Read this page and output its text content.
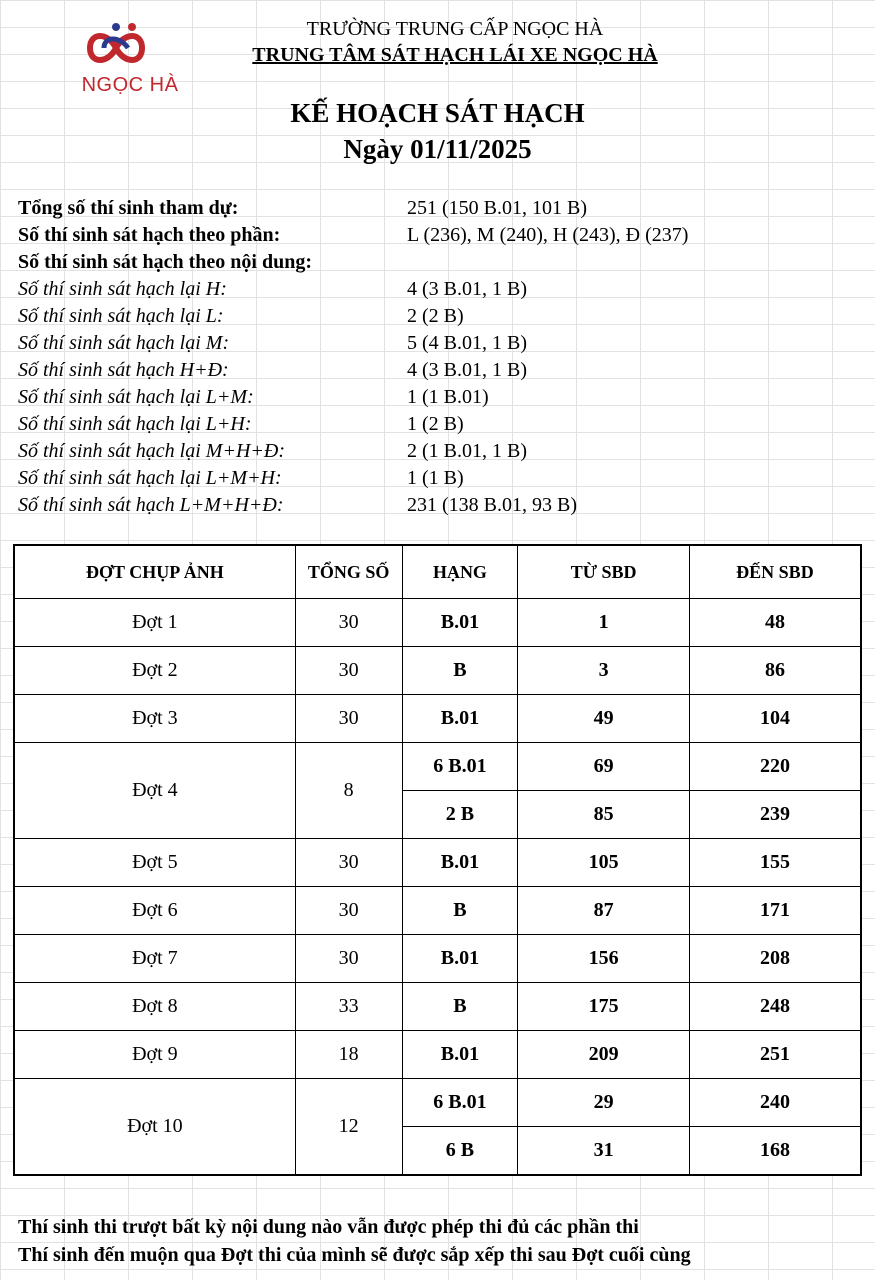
NGỌC HÀ
TRƯỜNG TRUNG CẤP NGỌC HÀ
TRUNG TÂM SÁT HẠCH LÁI XE NGỌC HÀ
KẾ HOẠCH SÁT HẠCH
Ngày 01/11/2025
Tổng số thí sinh tham dự:	251 (150 B.01, 101 B)
Số thí sinh sát hạch theo phần:	L (236), M (240), H (243), Đ (237)
Số thí sinh sát hạch theo nội dung:
Số thí sinh sát hạch lại H:	4 (3 B.01, 1 B)
Số thí sinh sát hạch lại L:	2 (2 B)
Số thí sinh sát hạch lại M:	5 (4 B.01, 1 B)
Số thí sinh sát hạch H+Đ:	4 (3 B.01, 1 B)
Số thí sinh sát hạch lại L+M:	1 (1 B.01)
Số thí sinh sát hạch lại L+H:	1 (2 B)
Số thí sinh sát hạch lại M+H+Đ:	2 (1 B.01, 1 B)
Số thí sinh sát hạch lại L+M+H:	1 (1 B)
Số thí sinh sát hạch L+M+H+Đ:	231 (138 B.01, 93 B)
ĐỢT CHỤP ẢNH	TỔNG SỐ	HẠNG	TỪ SBD	ĐẾN SBD
Đợt 1	30	B.01	1	48
Đợt 2	30	B	3	86
Đợt 3	30	B.01	49	104
Đợt 4	8	6 B.01	69	220
		2 B	85	239
Đợt 5	30	B.01	105	155
Đợt 6	30	B	87	171
Đợt 7	30	B.01	156	208
Đợt 8	33	B	175	248
Đợt 9	18	B.01	209	251
Đợt 10	12	6 B.01	29	240
		6 B	31	168
Thí sinh thi trượt bất kỳ nội dung nào vẫn được phép thi đủ các phần thi
Thí sinh đến muộn qua Đợt thi của mình sẽ được sắp xếp thi sau Đợt cuối cùng
